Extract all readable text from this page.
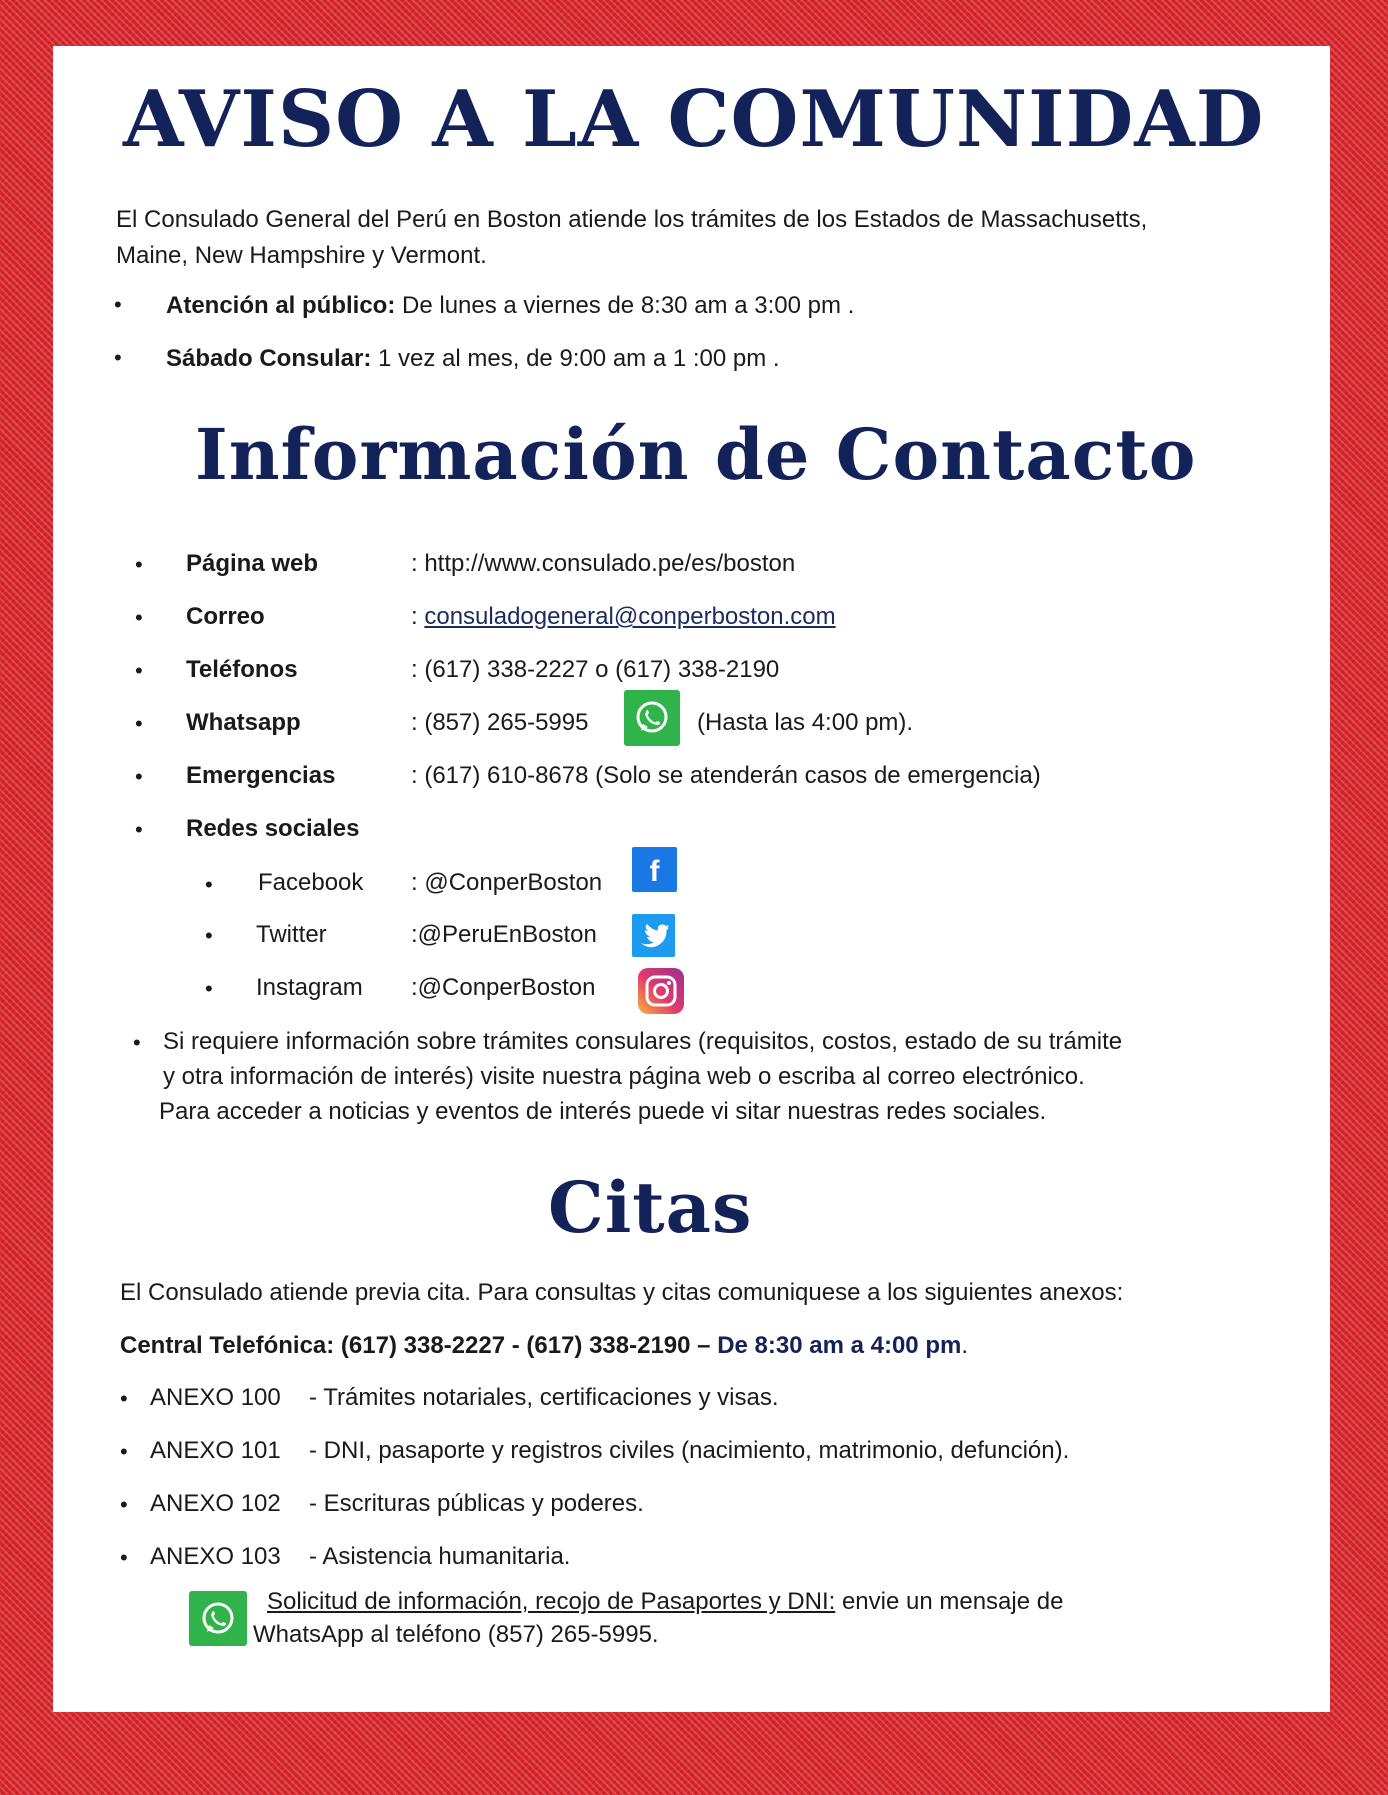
AVISO A LA COMUNIDAD
El Consulado General del Perú en Boston atiende los trámites de los Estados de Massachusetts,
Maine, New Hampshire y Vermont.
• Atención al público: De lunes a viernes de 8:30 am a 3:00 pm .
• Sábado Consular: 1 vez al mes, de 9:00 am a 1 :00 pm .
Información de Contacto
• Página web	: http://www.consulado.pe/es/boston
• Correo	: consuladogeneral@conperboston.com
• Teléfonos	: (617) 338-2227 o (617) 338-2190
• Whatsapp	: (857) 265-5995	(Hasta las 4:00 pm).
• Emergencias	: (617) 610-8678 (Solo se atenderán casos de emergencia)
• Redes sociales
• Facebook : @ConperBoston f
• Twitter	:@PeruEnBoston
• Instagram :@ConperBoston
• Si requiere información sobre trámites consulares (requisitos, costos, estado de su trámite
y otra información de interés) visite nuestra página web o escriba al correo electrónico.
Para acceder a noticias y eventos de interés puede vi sitar nuestras redes sociales.
Citas
El Consulado atiende previa cita. Para consultas y citas comuniquese a los siguientes anexos:
Central Telefónica: (617) 338-2227 - (617) 338-2190 – De 8:30 am a 4:00 pm.
• ANEXO 100 - Trámites notariales, certificaciones y visas.
• ANEXO 101 - DNI, pasaporte y registros civiles (nacimiento, matrimonio, defunción).
• ANEXO 102 - Escrituras públicas y poderes.
• ANEXO 103 - Asistencia humanitaria.
Solicitud de información, recojo de Pasaportes y DNI: envie un mensaje de
WhatsApp al teléfono (857) 265-5995.
